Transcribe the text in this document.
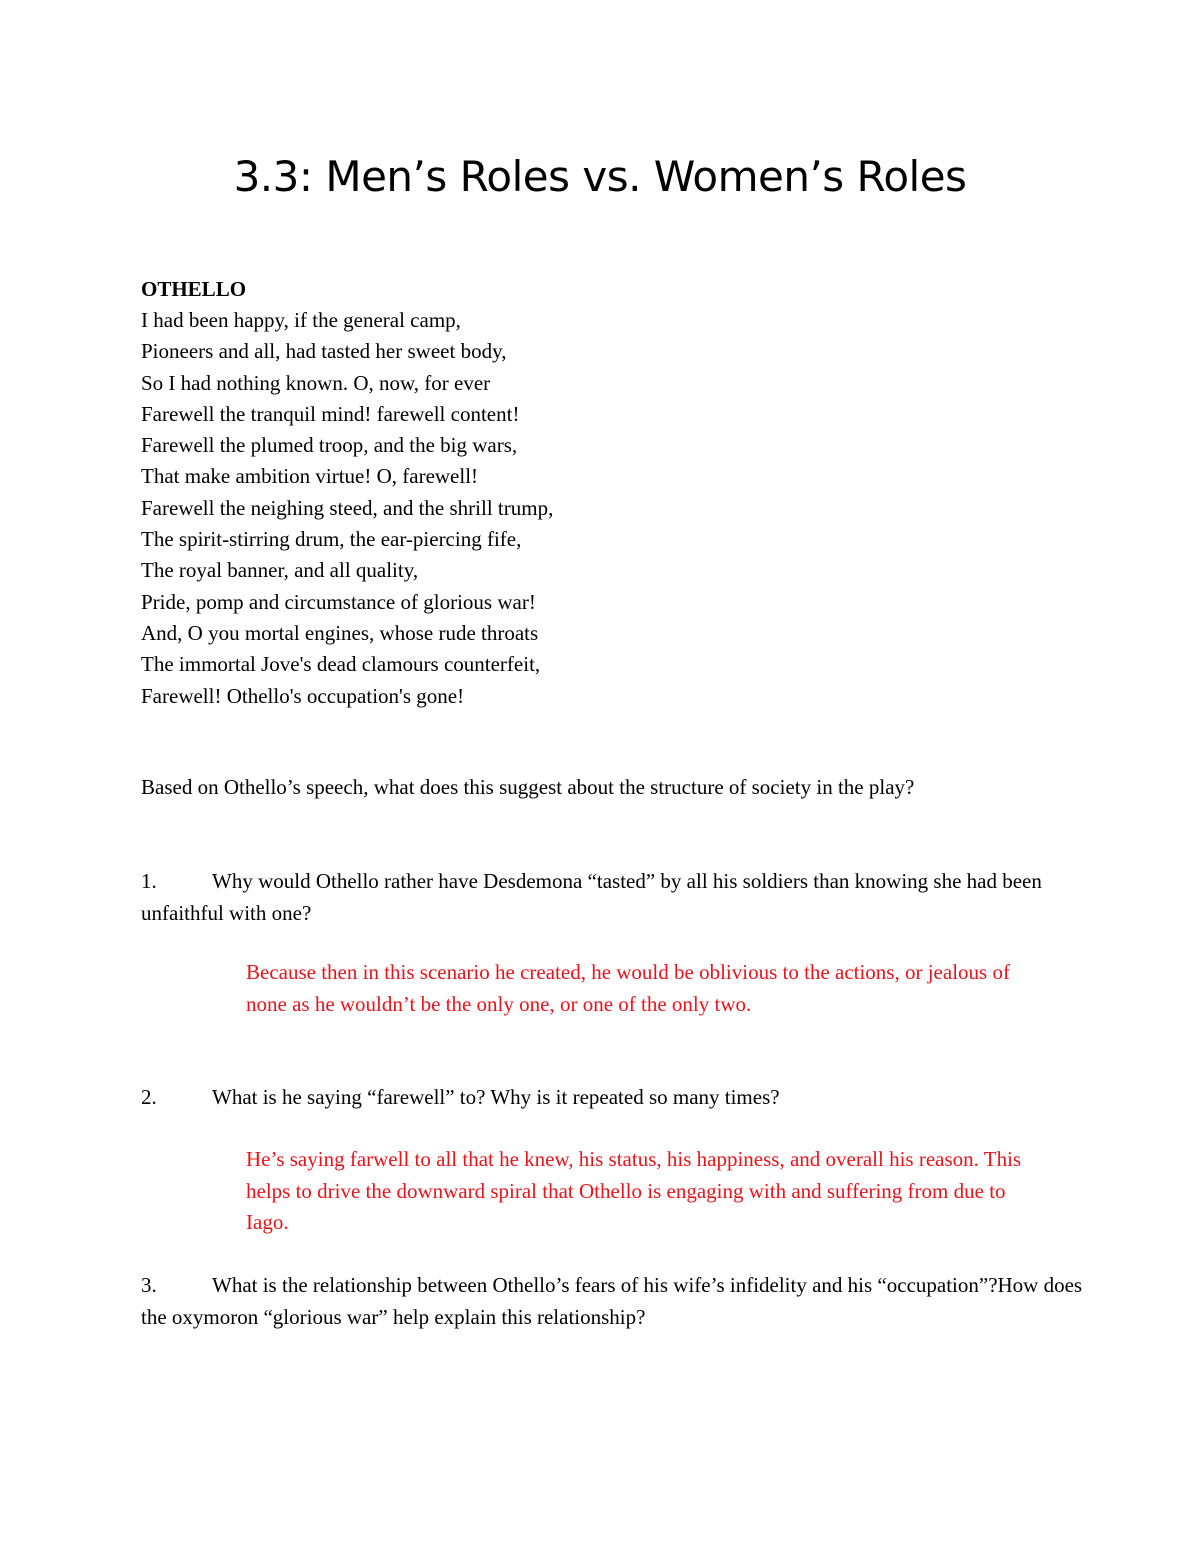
3.3: Men’s Roles vs. Women’s Roles

OTHELLO

I had been happy, if the general camp,
Pioneers and all, had tasted her sweet body,
So I had nothing known. O, now, for ever
Farewell the tranquil mind! farewell content!
Farewell the plumed troop, and the big wars,
That make ambition virtue! O, farewell!
Farewell the neighing steed, and the shrill trump,
The spirit-stirring drum, the ear-piercing fife,
The royal banner, and all quality,
Pride, pomp and circumstance of glorious war!
And, O you mortal engines, whose rude throats
The immortal Jove's dead clamours counterfeit,
Farewell! Othello's occupation's gone!

Based on Othello’s speech, what does this suggest about the structure of society in the play?

1.	Why would Othello rather have Desdemona “tasted” by all his soldiers than knowing she had been unfaithful with one?

Because then in this scenario he created, he would be oblivious to the actions, or jealous of none as he wouldn’t be the only one, or one of the only two.

2.	What is he saying “farewell” to? Why is it repeated so many times?

He’s saying farwell to all that he knew, his status, his happiness, and overall his reason. This helps to drive the downward spiral that Othello is engaging with and suffering from due to Iago.

3.	What is the relationship between Othello’s fears of his wife’s infidelity and his “occupation”?How does the oxymoron “glorious war” help explain this relationship?
